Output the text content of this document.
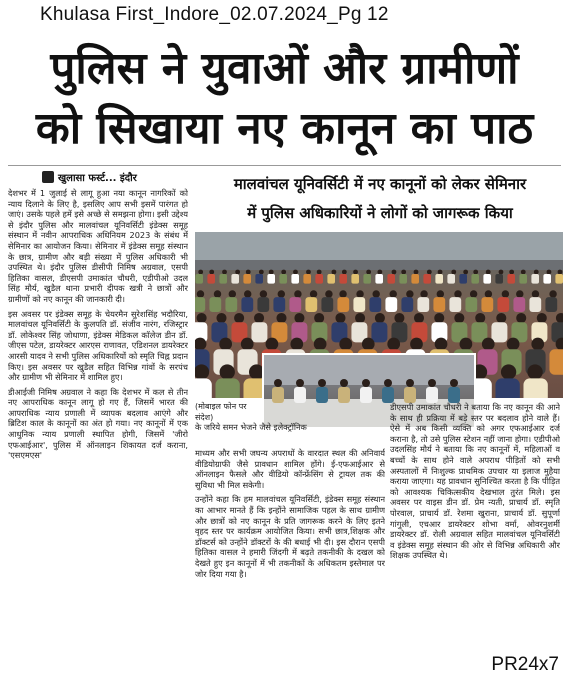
Khulasa First_Indore_02.07.2024_Pg 12
पुलिस ने युवाओं और ग्रामीणों
को सिखाया नए कानून का पाठ
खुलासा फर्स्ट... इंदौर	मालवांचल यूनिवर्सिटी में नए कानूनों को लेकर सेमिनार
में पुलिस अधिकारियों ने लोगों को जागरूक किया

देशभर में 1 जुलाई से लागू हुआ नया कानून नागरिकों को न्याय दिलाने के लिए है, इसलिए आप सभी इसमें पारंगत हो जाएं। उसके पहले हमें इसे अच्छे से समझना होगा। इसी उद्देश्य से इंदौर पुलिस और मालवांचल यूनिवर्सिटी इंडेक्स समूह संस्थान में नवीन आपराधिक अधिनियम 2023 के संबंध में सेमिनार का आयोजन किया। सेमिनार में इंडेक्स समूह संस्थान के छात्र, ग्रामीण और बड़ी संख्या में पुलिस अधिकारी भी उपस्थित थे। इंदौर पुलिस डीसीपी निमिष अग्रवाल, एसपी हितिका वासल, डीएसपी उमाकांत चौधरी, एडीपीओ उदल सिंह मौर्य, खुडैल थाना प्रभारी दीपक खत्री ने छात्रों और ग्रामीणों को नए कानून की जानकारी दी।

इस अवसर पर इंडेक्स समूह के चेयरमैन सुरेशसिंह भदौरिया, मालवांचल यूनिवर्सिटी के कुलपति डॉ. संजीव नारंग, रजिस्ट्रार डॉ. लोकेश्वर सिंह जोधाणा, इंडेक्स मेडिकल कॉलेज डीन डॉ. जीएस पटेल, डायरेक्टर आरएस राणावत, एडिशनल डायरेक्टर आरसी यादव ने सभी पुलिस अधिकारियों को स्मृति चिह्न प्रदान किए। इस अवसर पर खुडैल सहित विभिन्न गांवों के सरपंच और ग्रामीण भी सेमिनार में शामिल हुए।

डीआईजी निमिष अग्रवाल ने कहा कि देशभर में कल से तीन नए आपराधिक कानून लागू हो गए हैं, जिसमें भारत की आपराधिक न्याय प्रणाली में व्यापक बदलाव आएंगे और ब्रिटिश काल के कानूनों का अंत हो गया। नए कानूनों में एक आधुनिक न्याय प्रणाली स्थापित होगी, जिसमें 'जीरो एफआईआर', पुलिस में ऑनलाइन शिकायत दर्ज कराना, 'एसएमएस'

(मोबाइल फोन पर संदेश)

के जरिये समन भेजने जैसे इलेक्ट्रॉनिक

माध्यम और सभी जघन्य अपराधों के वारदात स्थल की अनिवार्य वीडियोग्राफी जैसे प्रावधान शामिल होंगे। ई-एफआईआर से ऑनलाइन फैसले और वीडियो कॉन्फ्रेंसिंग से ट्रायल तक की सुविधा भी मिल सकेगी।

उन्होंने कहा कि हम मालवांचल यूनिवर्सिटी, इंडेक्स समूह संस्थान का आभार मानते हैं कि इन्होंने सामाजिक पहल के साथ ग्रामीण और छात्रों को नए कानून के प्रति जागरूक करने के लिए इतने वृहद स्तर पर कार्यक्रम आयोजित किया। सभी छात्र,शिक्षक और डॉक्टर्स को उन्होंने डॉक्टरों के की बधाई भी दी। इस दौरान एसपी हितिका वासल ने हमारी जिंदगी में बढ़ते तकनीकी के दखल को देखते हुए इन कानूनों में भी तकनीकों के अधिकतम इस्तेमाल पर जोर दिया गया है।

डीएसपी उमाकांत चौधरी ने बताया कि नए कानून की आने के साथ ही प्रक्रिया में बड़े स्तर पर बदलाव होने वाले हैं। ऐसे में अब किसी व्यक्ति को अगर एफआईआर दर्ज कराना है, तो उसे पुलिस स्टेशन नहीं जाना होगा। एडीपीओ उदलसिंह मौर्य ने बताया कि नए कानूनों में, महिलाओं व बच्चों के साथ होने वाले अपराध पीड़ितों को सभी अस्पतालों में निःशुल्क प्राथमिक उपचार या इलाज मुहैया कराया जाएगा। यह प्रावधान सुनिश्चित करता है कि पीड़ित को आवश्यक चिकित्सकीय देखभाल तुरंत मिले। इस अवसर पर वाइस डीन डॉ. प्रेम न्यती, प्राचार्य डॉ. स्मृति पोरवाल, प्राचार्य डॉ. रेशमा खुराना, प्राचार्य डॉ. सुपूर्णा गांगुली, एचआर डायरेक्टर शोभा वर्मा, ओवरनुशर्मी डायरेक्टर डॉ. रोली अग्रवाल सहित मालवांचल यूनिवर्सिटी व इंडेक्स समूह संस्थान की ओर से विभिन्न अधिकारी और शिक्षक उपस्थित थे।

PR24x7
